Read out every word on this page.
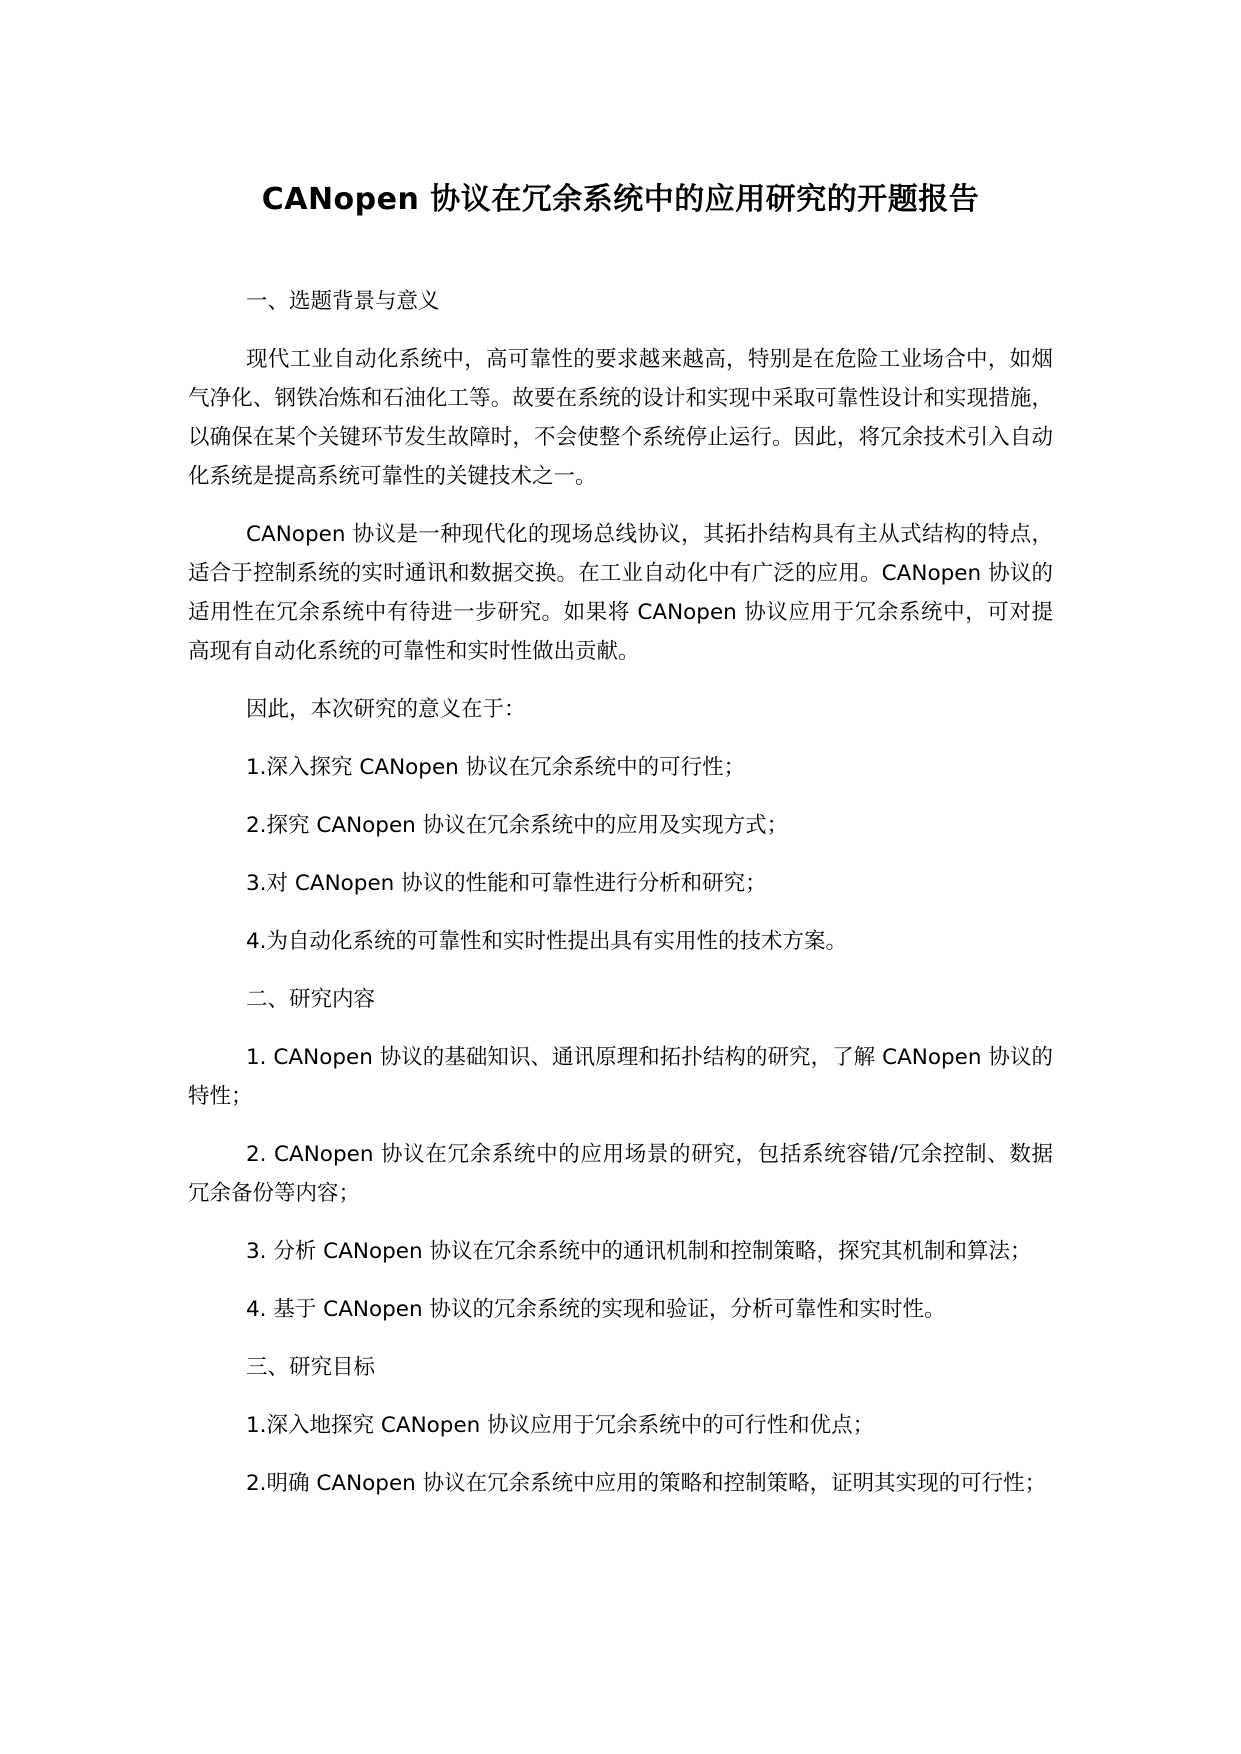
CANopen 协议在冗余系统中的应用研究的开题报告

一、选题背景与意义

现代工业自动化系统中，高可靠性的要求越来越高，特别是在危险工业场合中，如烟气净化、钢铁冶炼和石油化工等。故要在系统的设计和实现中采取可靠性设计和实现措施，以确保在某个关键环节发生故障时，不会使整个系统停止运行。因此，将冗余技术引入自动化系统是提高系统可靠性的关键技术之一。

CANopen 协议是一种现代化的现场总线协议，其拓扑结构具有主从式结构的特点，适合于控制系统的实时通讯和数据交换。在工业自动化中有广泛的应用。CANopen 协议的适用性在冗余系统中有待进一步研究。如果将 CANopen 协议应用于冗余系统中，可对提高现有自动化系统的可靠性和实时性做出贡献。

因此，本次研究的意义在于：

1.深入探究 CANopen 协议在冗余系统中的可行性；

2.探究 CANopen 协议在冗余系统中的应用及实现方式；

3.对 CANopen 协议的性能和可靠性进行分析和研究；

4.为自动化系统的可靠性和实时性提出具有实用性的技术方案。

二、研究内容

1. CANopen 协议的基础知识、通讯原理和拓扑结构的研究，了解 CANopen 协议的特性；

2. CANopen 协议在冗余系统中的应用场景的研究，包括系统容错/冗余控制、数据冗余备份等内容；

3. 分析 CANopen 协议在冗余系统中的通讯机制和控制策略，探究其机制和算法；

4. 基于 CANopen 协议的冗余系统的实现和验证，分析可靠性和实时性。

三、研究目标

1.深入地探究 CANopen 协议应用于冗余系统中的可行性和优点；

2.明确 CANopen 协议在冗余系统中应用的策略和控制策略，证明其实现的可行性；
